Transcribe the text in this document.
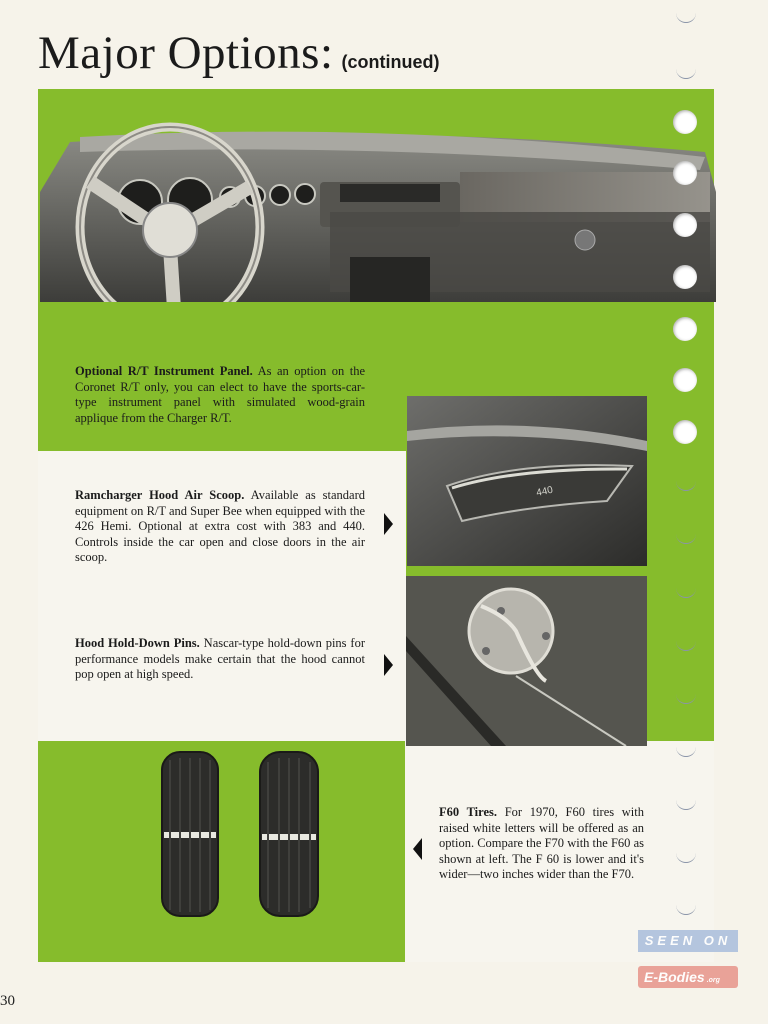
Major Options: (continued)

Optional R/T Instrument Panel. As an option on the Coronet R/T only, you can elect to have the sports-car-type instrument panel with simulated wood-grain applique from the Charger R/T.

440

Ramcharger Hood Air Scoop. Available as standard equipment on R/T and Super Bee when equipped with the 426 Hemi. Optional at extra cost with 383 and 440. Controls inside the car open and close doors in the air scoop.

Hood Hold-Down Pins. Nascar-type hold-down pins for performance models make certain that the hood cannot pop open at high speed.

F60 Tires. For 1970, F60 tires with raised white letters will be offered as an option. Compare the F70 with the F60 as shown at left. The F 60 is lower and it's wider—two inches wider than the F70.

SEEN ON
E-Bodies .org
30
